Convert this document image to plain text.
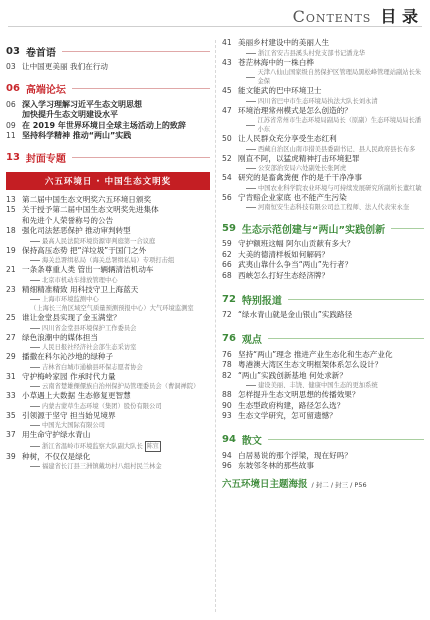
Contents 目 录
03 卷首语
03 让中国更美丽 我们在行动
06 高端论坛
06 深入学习理解习近平生态文明思想
加快提升生态文明建设水平
09 在 2019 年世界环境日全球主场活动上的致辞
11 坚持科学精神 推动“两山”实践
13 封面专题
六五环境日 · 中国生态文明奖
13 第二届中国生态文明奖六五环境日颁奖
15 关于授予第二届中国生态文明奖先进集体
和先进个人荣誉称号的公告
18 强化司法惩恶保护 推动审判转型
最高人民法院环境资源审判庭第一合议庭
19 保持高压态势 把“洋垃圾”于国门之外
海关总署缉私局（海关总署缉私局）专项打击组
21 一条条尊重人类 管出一辆辆清洁机动车
北京市机动车排放管理中心
23 精细精准精致 用科技守卫上海蓝天
上海市环境监测中心
（上海长三角区域空气质量预测预报中心）大气环境监测室
25 谁让金堂县实现了金玉满堂？
四川省金堂县环境保护工作委员会
27 绿色浪潮中的媒体担当
人民日报社经济社会部生态采访室
29 播撒在科尔沁沙地的绿种子
吉林省白城市通榆县环保志愿者协会
31 守护梅岭家园 作承时代力量
云南省楚雄傈僳族自治州保护局管理委员会（曹洞禅院）
33 小草遇上大数据 生态修复更智慧
内蒙古蒙草生态环境（集团）股份有限公司
35 引领源于坚守 担当始见境界
中国光大国际有限公司
37 用生命守护绿水青山
浙江省温岭市环境监察大队副大队长 陈宜
39 种树，不仅仅是绿化
福建省长汀县三洲镇戴坊村八组村民兰林金
41 美丽乡村建设中的美丽人生
浙江省安吉县溪头村党支部书记潘龙华
43 苍茫林海中的一株白桦
天津八仙山国家级自然保护区管理局黑松峰管理站副站长朱金保
45 能文能武的巴中环境卫士
四川省巴中市生态环境局执法大队长刘永清
47 环境治理常州模式是怎么创造的？
江苏省常州市生态环境局副局长（原副）生态环境局局长潘小东
50 让人民群众充分享受生态红利
西藏自治区山南市措美县委副书记、县人民政府县长布多
52 刚直不阿，以猛虎精神打击环境犯罪
公安部治安局六处副处长张阿虎
54 研究的是畜禽粪便 作的是千干净净事
中国农业科学院农业环境与可持续发展研究所副所长董红敏
56 宁肯赔企业家底 也不能产生污染
河南恒安生态科技有限公司总工程师、法人代表宋永奎
59 生态示范创建与“两山”实践创新
59 守护额班这幅 阿尔山贡献有多大？
62 大美的德清样板如何解码？
66 武夷山靠什么争当“两山”先行者？
68 西峡怎么打好生态经济牌？
72 特别报道
72 “绿水青山就是金山银山”实践路径
76 观点
76 坚持“两山”理念 推进产业生态化和生态产业化
78 粤港澳大湾区生态文明框架体系怎么设计？
82 “两山”实践创新基地 何处求新？
建设美丽、丰饶、健康中国生态的更加系统
88 怎样提升生态文明思想的传播效果？
90 生态型政府构建，路径怎么选？
93 生态文学研究，怎可留遗憾？
94 散文
94 白居易说的那个浮梁，现在好吗？
96 东坡邻冬林的那些故事
六五环境日主题海报 / 封二 / 封三 / P56
